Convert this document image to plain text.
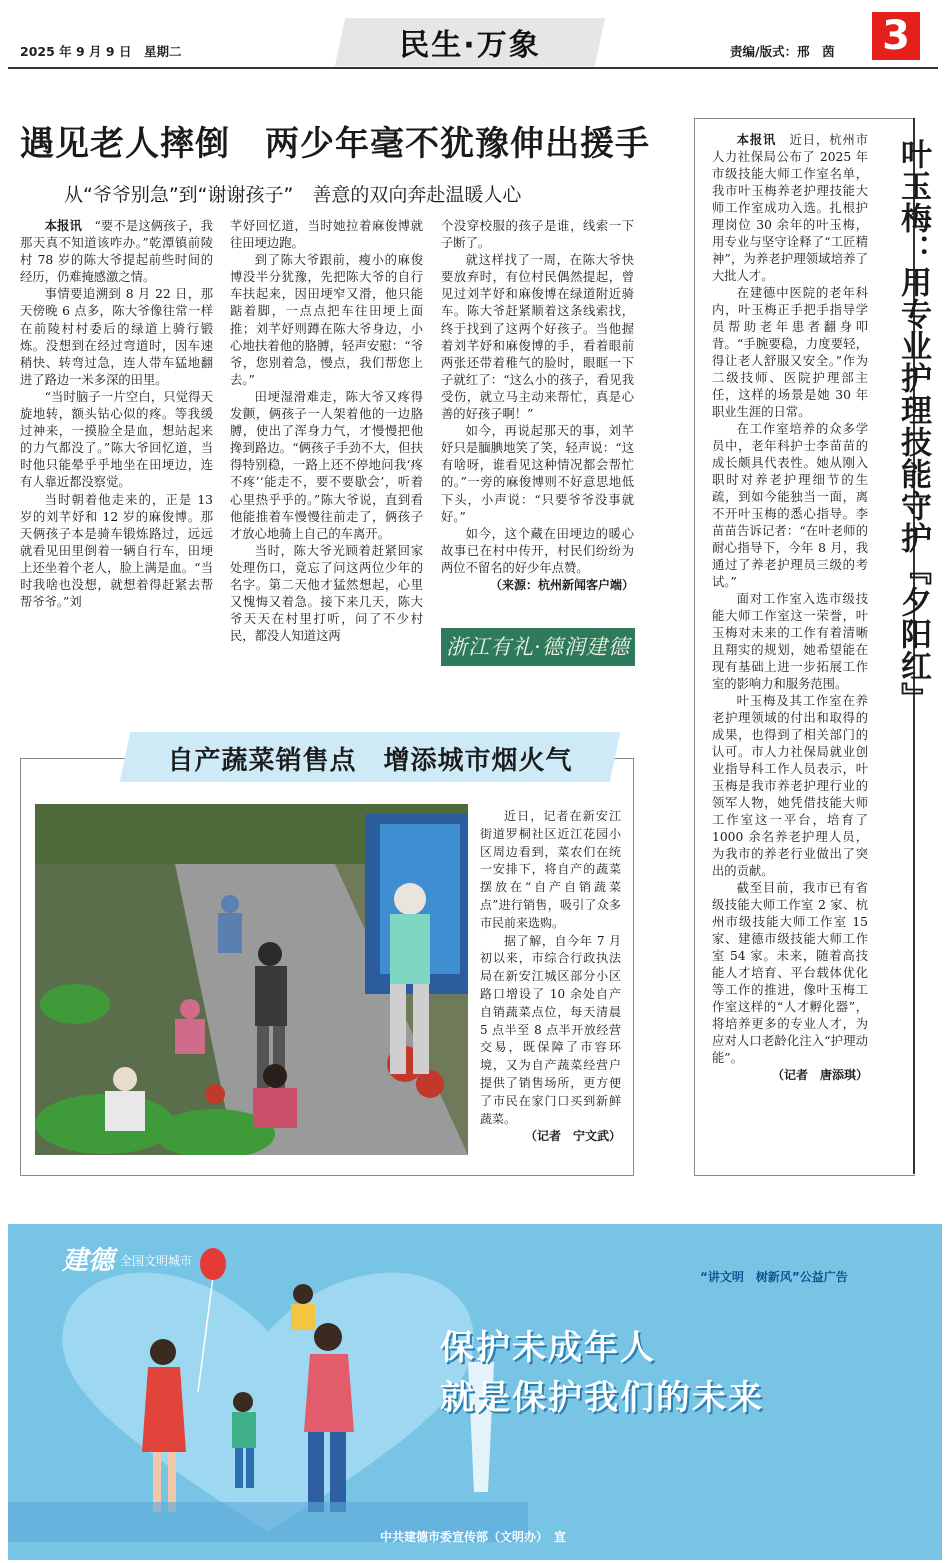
2025 年 9 月 9 日　星期二	民生·万象	责编/版式：邢　茵 3
遇见老人摔倒　两少年毫不犹豫伸出援手
从“爷爷别急”到“谢谢孩子”　善意的双向奔赴温暖人心

本报讯　 “要不是这俩孩子，我那天真不知道该咋办。”乾潭镇前陵村 78 岁的陈大爷提起前些时间的经历，仍难掩感激之情。

事情要追溯到 8 月 22 日，那天傍晚 6 点多，陈大爷像往常一样在前陵村村委后的绿道上骑行锻炼。没想到在经过弯道时，因车速稍快、转弯过急，连人带车猛地翻进了路边一米多深的田里。

“当时脑子一片空白，只觉得天旋地转，额头钻心似的疼。等我缓过神来，一摸脸全是血，想站起来的力气都没了。”陈大爷回忆道，当时他只能晕乎乎地坐在田埂边，连有人靠近都没察觉。

当时朝着他走来的，正是 13 岁的刘芊妤和 12 岁的麻俊博。那天俩孩子本是骑车锻炼路过，远远就看见田里倒着一辆自行车，田埂上还坐着个老人，脸上满是血。“当时我啥也没想，就想着得赶紧去帮帮爷爷。”刘

芊妤回忆道，当时她拉着麻俊博就往田埂边跑。

到了陈大爷跟前，瘦小的麻俊博没半分犹豫，先把陈大爷的自行车扶起来，因田埂窄又滑，他只能踮着脚，一点点把车往田埂上面推；刘芊妤则蹲在陈大爷身边，小心地扶着他的胳膊，轻声安慰：“爷爷，您别着急，慢点，我们帮您上去。”

田埂湿滑难走，陈大爷又疼得发颤，俩孩子一人架着他的一边胳膊，使出了浑身力气，才慢慢把他搀到路边。“俩孩子手劲不大，但扶得特别稳，一路上还不停地问我‘疼不疼’‘能走不，要不要歇会’，听着心里热乎乎的。”陈大爷说，直到看他能推着车慢慢往前走了，俩孩子才放心地骑上自己的车离开。

当时，陈大爷光顾着赶紧回家处理伤口，竟忘了问这两位少年的名字。第二天他才猛然想起，心里又愧悔又着急。接下来几天，陈大爷天天在村里打听，问了不少村民，都没人知道这两

个没穿校服的孩子是谁，线索一下子断了。

就这样找了一周，在陈大爷快要放弃时，有位村民偶然提起，曾见过刘芊妤和麻俊博在绿道附近骑车。陈大爷赶紧顺着这条线索找，终于找到了这两个好孩子。当他握着刘芊妤和麻俊博的手，看着眼前两张还带着稚气的脸时，眼眶一下子就红了：“这么小的孩子，看见我受伤，就立马主动来帮忙，真是心善的好孩子啊！”

如今，再说起那天的事，刘芊妤只是腼腆地笑了笑，轻声说：“这有啥呀，谁看见这种情况都会帮忙的。”一旁的麻俊博则不好意思地低下头，小声说：“只要爷爷没事就好。”

如今，这个藏在田埂边的暖心故事已在村中传开，村民们纷纷为两位不留名的好少年点赞。

（来源：杭州新闻客户端）
浙江有礼·德润建德	叶玉梅：用专业护理技能守护『夕阳红』

本报讯　 近日，杭州市人力社保局公布了 2025 年市级技能大师工作室名单，我市叶玉梅养老护理技能大师工作室成功入选。扎根护理岗位 30 余年的叶玉梅，用专业与坚守诠释了“工匠精神”，为养老护理领域培养了大批人才。

在建德中医院的老年科内，叶玉梅正手把手指导学员帮助老年患者翻身叩背。“手腕要稳，力度要轻，得让老人舒服又安全。”作为二级技师、医院护理部主任，这样的场景是她 30 年职业生涯的日常。

在工作室培养的众多学员中，老年科护士李苗苗的成长颇具代表性。她从刚入职时对养老护理细节的生疏，到如今能独当一面，离不开叶玉梅的悉心指导。李苗苗告诉记者：“在叶老师的耐心指导下，今年 8 月，我通过了养老护理员三级的考试。”

面对工作室入选市级技能大师工作室这一荣誉，叶玉梅对未来的工作有着清晰且翔实的规划，她希望能在现有基础上进一步拓展工作室的影响力和服务范围。

叶玉梅及其工作室在养老护理领域的付出和取得的成果，也得到了相关部门的认可。市人力社保局就业创业指导科工作人员表示，叶玉梅是我市养老护理行业的领军人物，她凭借技能大师工作室这一平台，培育了 1000 余名养老护理人员，为我市的养老行业做出了突出的贡献。

截至目前，我市已有省级技能大师工作室 2 家、杭州市级技能大师工作室 15 家、建德市级技能大师工作室 54 家。未来，随着高技能人才培育、平台载体优化等工作的推进，像叶玉梅工作室这样的“人才孵化器”，将培养更多的专业人才，为应对人口老龄化注入“护理动能”。

（记者　唐添琪）
自产蔬菜销售点　增添城市烟火气

近日，记者在新安江街道罗桐社区近江花园小区周边看到，菜农们在统一安排下，将自产的蔬菜摆放在“自产自销蔬菜点”进行销售，吸引了众多市民前来选购。

据了解，自今年 7 月初以来，市综合行政执法局在新安江城区部分小区路口增设了 10 余处自产自销蔬菜点位，每天清晨 5 点半至 8 点半开放经营交易，既保障了市容环境，又为自产蔬菜经营户提供了销售场所，更方便了市民在家门口买到新鲜蔬菜。

（记者　宁文武）
建德 全国文明城市
“讲文明　树新风”公益广告
保护未成年人
就是保护我们的未来
中共建德市委宣传部（文明办）　宣
